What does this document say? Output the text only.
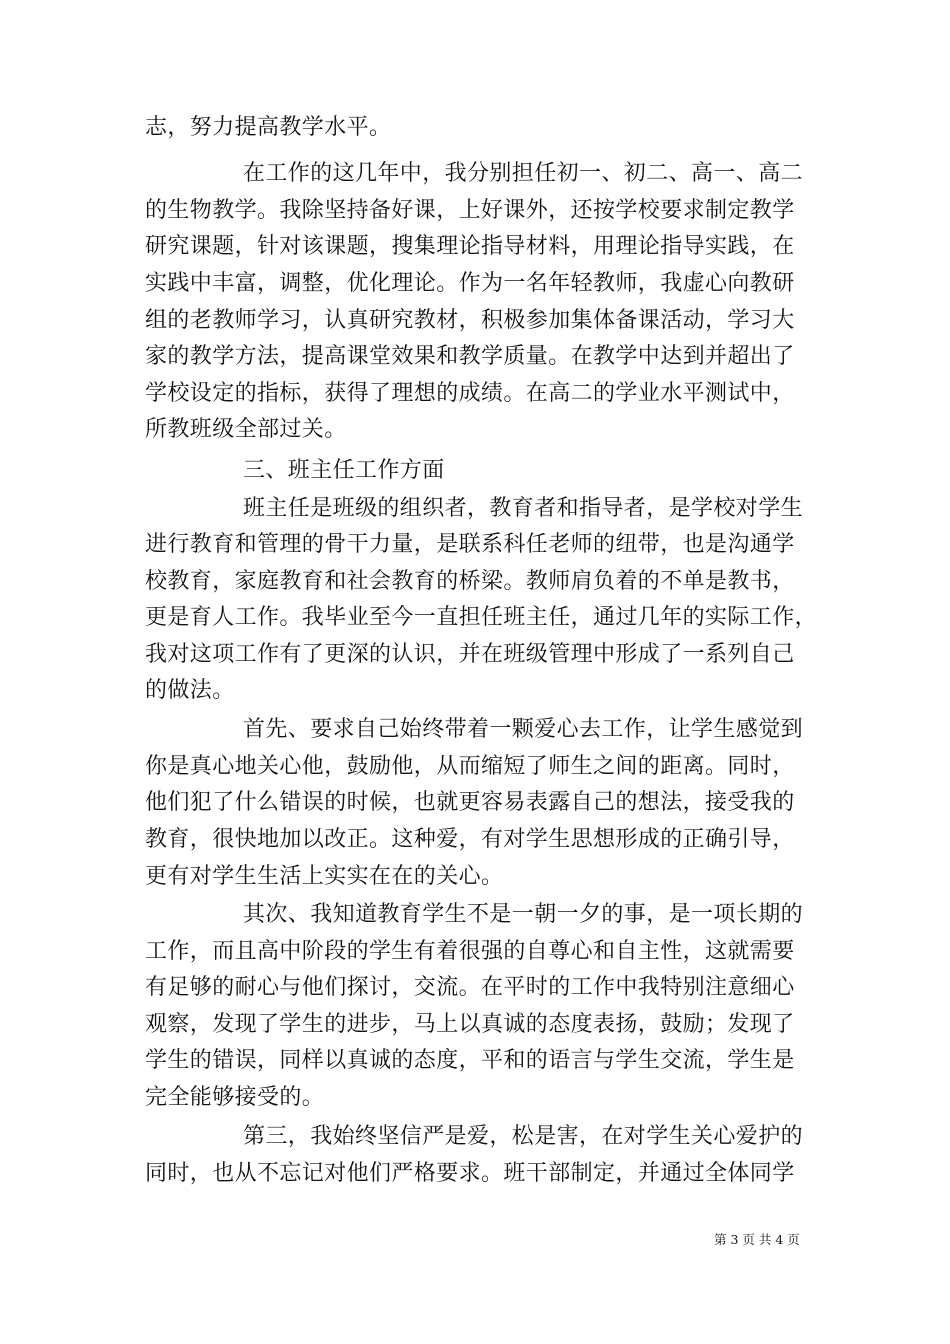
志，努力提高教学水平。
在工作的这几年中，我分别担任初一、初二、高一、高二
的生物教学。我除坚持备好课，上好课外，还按学校要求制定教学
研究课题，针对该课题，搜集理论指导材料，用理论指导实践，在
实践中丰富，调整，优化理论。作为一名年轻教师，我虚心向教研
组的老教师学习，认真研究教材，积极参加集体备课活动，学习大
家的教学方法，提高课堂效果和教学质量。在教学中达到并超出了
学校设定的指标，获得了理想的成绩。在高二的学业水平测试中，
所教班级全部过关。
三、班主任工作方面
班主任是班级的组织者，教育者和指导者，是学校对学生
进行教育和管理的骨干力量，是联系科任老师的纽带，也是沟通学
校教育，家庭教育和社会教育的桥梁。教师肩负着的不单是教书，
更是育人工作。我毕业至今一直担任班主任，通过几年的实际工作，
我对这项工作有了更深的认识，并在班级管理中形成了一系列自己
的做法。
首先、要求自己始终带着一颗爱心去工作，让学生感觉到
你是真心地关心他，鼓励他，从而缩短了师生之间的距离。同时，
他们犯了什么错误的时候，也就更容易表露自己的想法，接受我的
教育，很快地加以改正。这种爱，有对学生思想形成的正确引导，
更有对学生生活上实实在在的关心。
其次、我知道教育学生不是一朝一夕的事，是一项长期的
工作，而且高中阶段的学生有着很强的自尊心和自主性，这就需要
有足够的耐心与他们探讨，交流。在平时的工作中我特别注意细心
观察，发现了学生的进步，马上以真诚的态度表扬，鼓励；发现了
学生的错误，同样以真诚的态度，平和的语言与学生交流，学生是
完全能够接受的。
第三，我始终坚信严是爱，松是害，在对学生关心爱护的
同时，也从不忘记对他们严格要求。班干部制定，并通过全体同学
第 3 页 共 4 页
